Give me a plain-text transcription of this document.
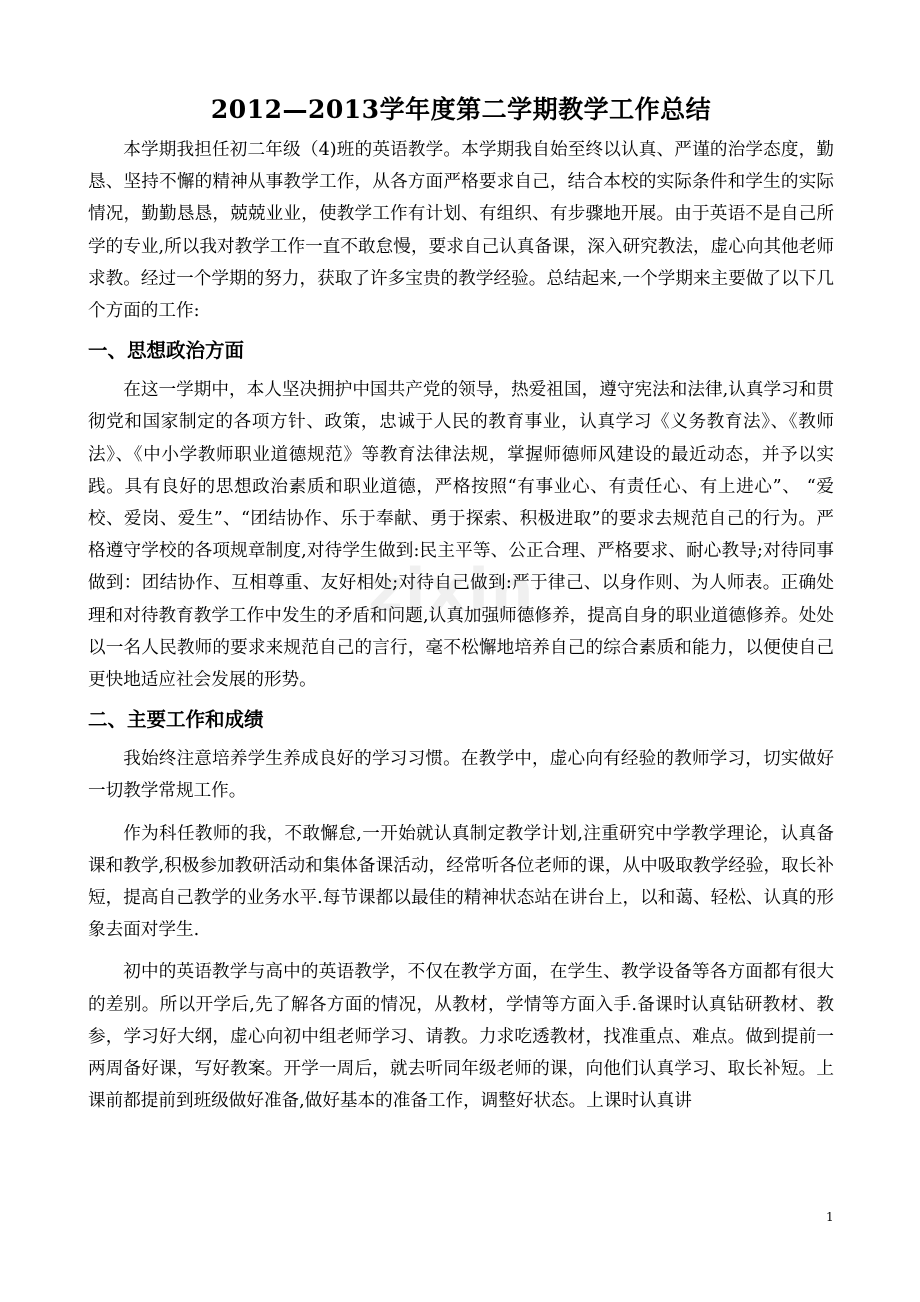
zixin
2012—2013学年度第二学期教学工作总结

本学期我担任初二年级（4)班的英语教学。本学期我自始至终以认真、严谨的治学态度，勤恳、坚持不懈的精神从事教学工作，从各方面严格要求自己，结合本校的实际条件和学生的实际情况，勤勤恳恳，兢兢业业，使教学工作有计划、有组织、有步骤地开展。由于英语不是自己所学的专业,所以我对教学工作一直不敢怠慢，要求自己认真备课，深入研究教法，虚心向其他老师求教。经过一个学期的努力，获取了许多宝贵的教学经验。总结起来,一个学期来主要做了以下几个方面的工作:

一、思想政治方面

在这一学期中，本人坚决拥护中国共产党的领导，热爱祖国，遵守宪法和法律,认真学习和贯彻党和国家制定的各项方针、政策，忠诚于人民的教育事业，认真学习《义务教育法》、《教师法》、《中小学教师职业道德规范》等教育法律法规，掌握师德师风建设的最近动态，并予以实践。具有良好的思想政治素质和职业道德，严格按照“有事业心、有责任心、有上进心”、 “爱校、爱岗、爱生”、“团结协作、乐于奉献、勇于探索、积极进取”的要求去规范自己的行为。严格遵守学校的各项规章制度,对待学生做到:民主平等、公正合理、严格要求、耐心教导;对待同事做到：团结协作、互相尊重、友好相处;对待自己做到:严于律己、以身作则、为人师表。正确处理和对待教育教学工作中发生的矛盾和问题,认真加强师德修养，提高自身的职业道德修养。处处以一名人民教师的要求来规范自己的言行，毫不松懈地培养自己的综合素质和能力，以便使自己更快地适应社会发展的形势。

二、主要工作和成绩

我始终注意培养学生养成良好的学习习惯。在教学中，虚心向有经验的教师学习，切实做好一切教学常规工作。

作为科任教师的我，不敢懈怠,一开始就认真制定教学计划,注重研究中学教学理论，认真备课和教学,积极参加教研活动和集体备课活动，经常听各位老师的课，从中吸取教学经验，取长补短，提高自己教学的业务水平.每节课都以最佳的精神状态站在讲台上，以和蔼、轻松、认真的形象去面对学生.

初中的英语教学与高中的英语教学，不仅在教学方面，在学生、教学设备等各方面都有很大的差别。所以开学后,先了解各方面的情况，从教材，学情等方面入手.备课时认真钻研教材、教参，学习好大纲，虚心向初中组老师学习、请教。力求吃透教材，找准重点、难点。做到提前一两周备好课，写好教案。开学一周后，就去听同年级老师的课，向他们认真学习、取长补短。上课前都提前到班级做好准备,做好基本的准备工作，调整好状态。上课时认真讲

1
